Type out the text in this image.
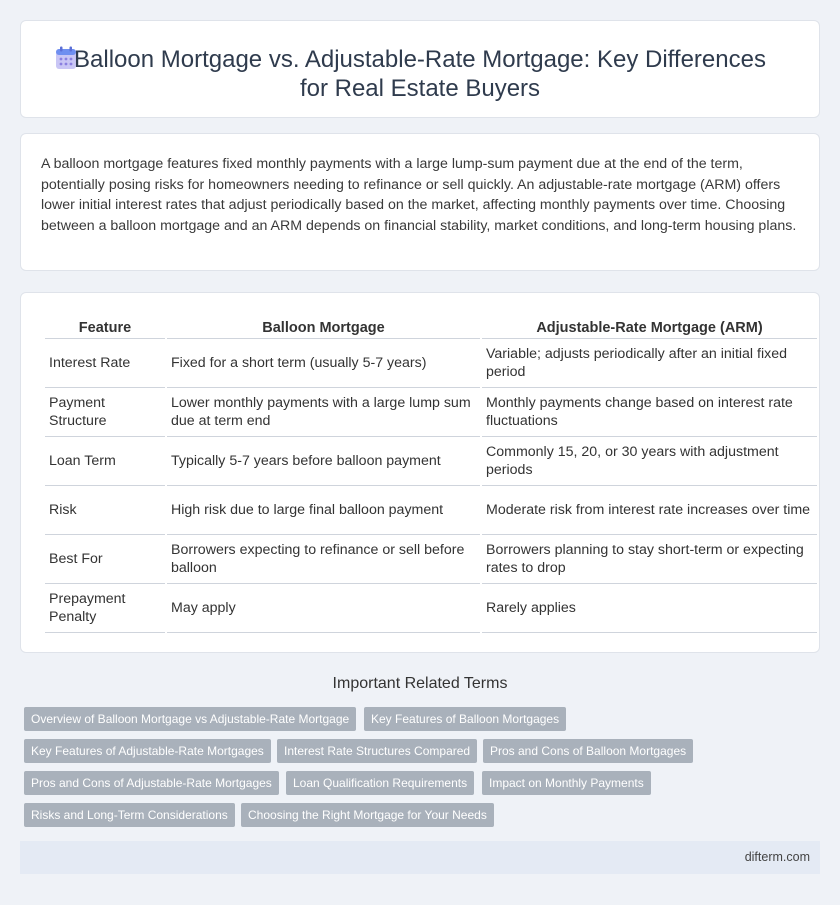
Balloon Mortgage vs. Adjustable-Rate Mortgage: Key Differences for Real Estate Buyers

A balloon mortgage features fixed monthly payments with a large lump-sum payment due at the end of the term, potentially posing risks for homeowners needing to refinance or sell quickly. An adjustable-rate mortgage (ARM) offers lower initial interest rates that adjust periodically based on the market, affecting monthly payments over time. Choosing between a balloon mortgage and an ARM depends on financial stability, market conditions, and long-term housing plans.

Feature	Balloon Mortgage	Adjustable-Rate Mortgage (ARM)
Interest Rate	Fixed for a short term (usually 5-7 years)	Variable; adjusts periodically after an initial fixed period
Payment Structure	Lower monthly payments with a large lump sum due at term end	Monthly payments change based on interest rate fluctuations
Loan Term	Typically 5-7 years before balloon payment	Commonly 15, 20, or 30 years with adjustment periods
Risk	High risk due to large final balloon payment	Moderate risk from interest rate increases over time
Best For	Borrowers expecting to refinance or sell before balloon	Borrowers planning to stay short-term or expecting rates to drop
Prepayment Penalty	May apply	Rarely applies
Important Related Terms
Overview of Balloon Mortgage vs Adjustable-Rate Mortgage	Key Features of Balloon Mortgages
Key Features of Adjustable-Rate Mortgages	Interest Rate Structures Compared	Pros and Cons of Balloon Mortgages
Pros and Cons of Adjustable-Rate Mortgages	Loan Qualification Requirements	Impact on Monthly Payments
Risks and Long-Term Considerations	Choosing the Right Mortgage for Your Needs
difterm.com
